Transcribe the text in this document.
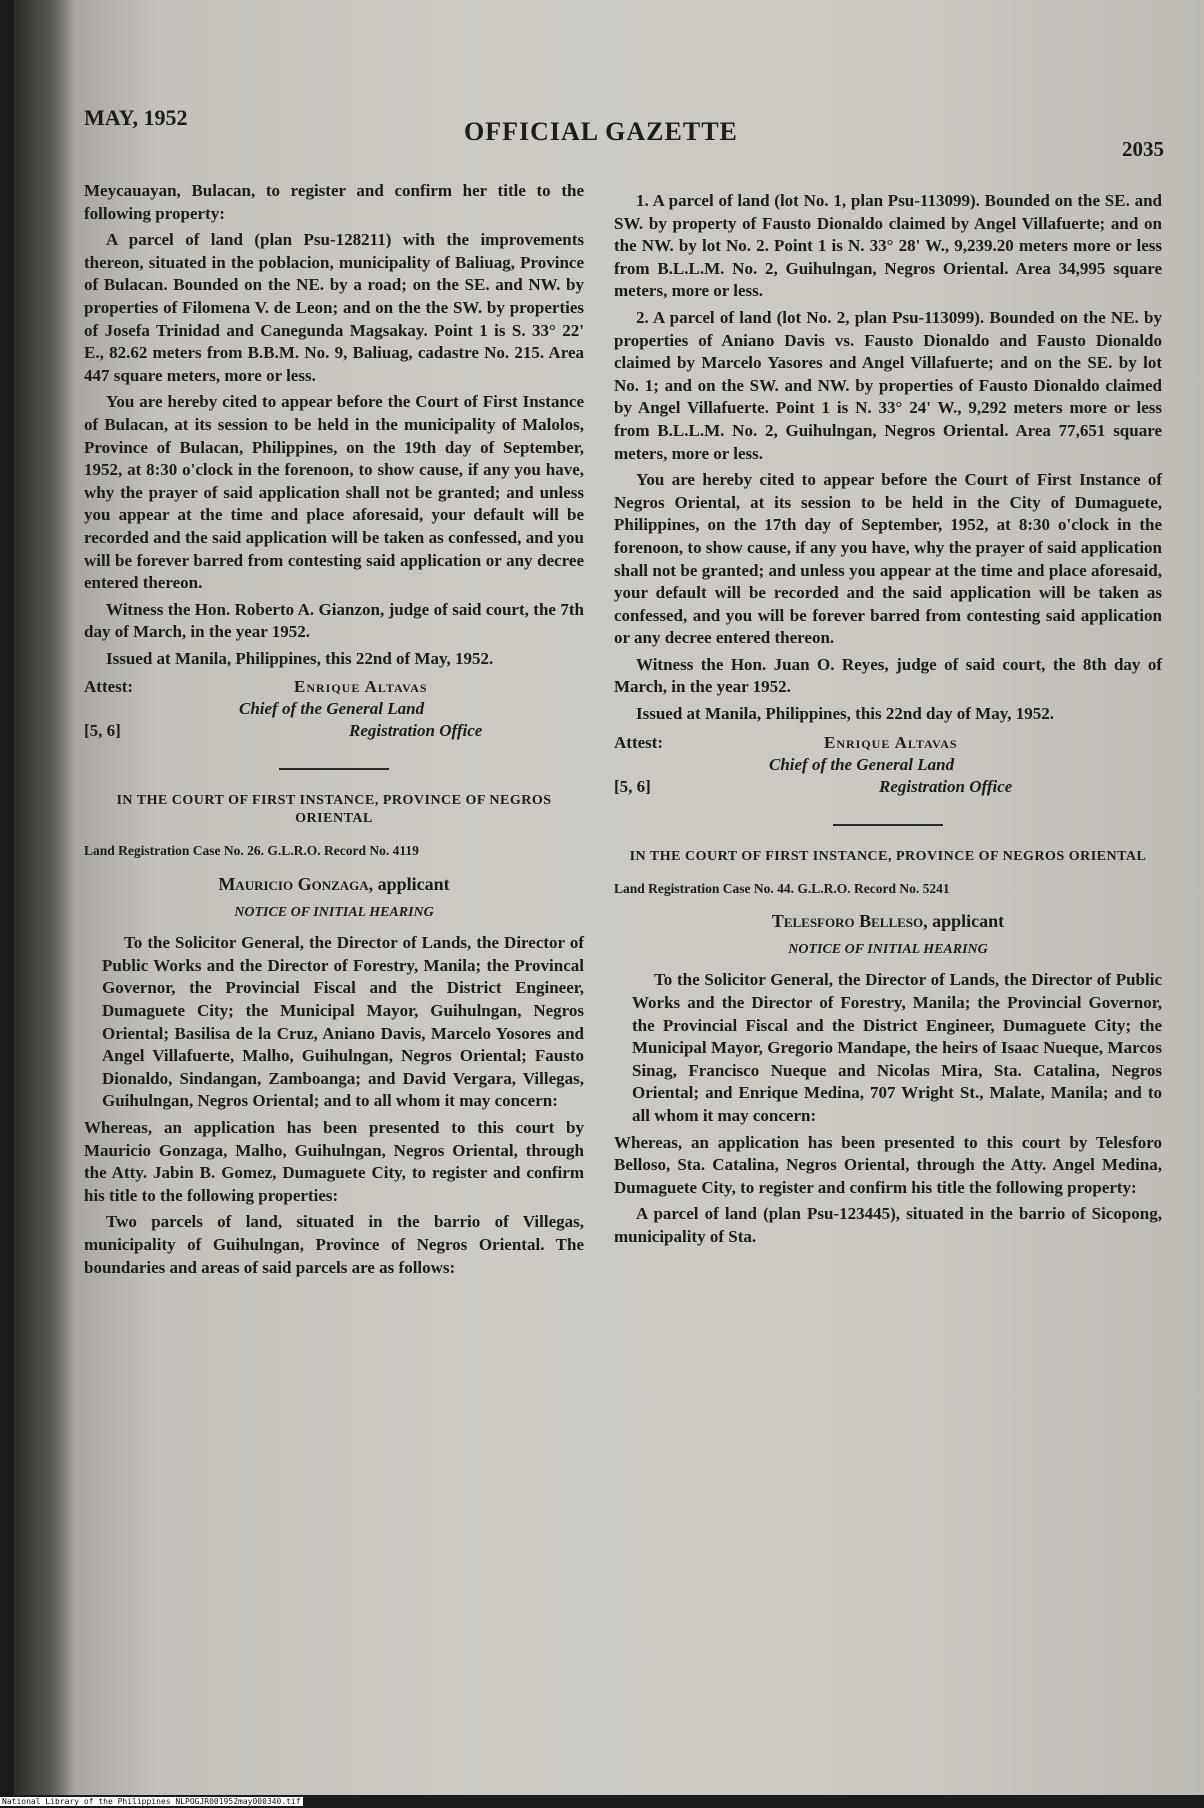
MAY, 1952	OFFICIAL GAZETTE
2035

Meycauayan, Bulacan, to register and confirm her title to the following property:

A parcel of land (plan Psu-128211) with the improvements thereon, situated in the poblacion, municipality of Baliuag, Province of Bulacan. Bounded on the NE. by a road; on the SE. and NW. by properties of Filomena V. de Leon; and on the the SW. by properties of Josefa Trinidad and Canegunda Magsakay. Point 1 is S. 33° 22' E., 82.62 meters from B.B.M. No. 9, Baliuag, cadastre No. 215. Area 447 square meters, more or less.

You are hereby cited to appear before the Court of First Instance of Bulacan, at its session to be held in the municipality of Malolos, Province of Bulacan, Philippines, on the 19th day of September, 1952, at 8:30 o'clock in the forenoon, to show cause, if any you have, why the prayer of said application shall not be granted; and unless you appear at the time and place aforesaid, your default will be recorded and the said application will be taken as confessed, and you will be forever barred from contesting said application or any decree entered thereon.

Witness the Hon. Roberto A. Gianzon, judge of said court, the 7th day of March, in the year 1952.

Issued at Manila, Philippines, this 22nd of May, 1952.

Attest:	Enrique Altavas
Chief of the General Land
[5, 6]	Registration Office
IN THE COURT OF FIRST INSTANCE, PROVINCE OF NEGROS ORIENTAL
Land Registration Case No. 26. G.L.R.O. Record No. 4119
Mauricio Gonzaga, applicant
NOTICE OF INITIAL HEARING

To the Solicitor General, the Director of Lands, the Director of Public Works and the Director of Forestry, Manila; the Provincal Governor, the Provincial Fiscal and the District Engineer, Dumaguete City; the Municipal Mayor, Guihulngan, Negros Oriental; Basilisa de la Cruz, Aniano Davis, Marcelo Yosores and Angel Villafuerte, Malho, Guihulngan, Negros Oriental; Fausto Dionaldo, Sindangan, Zamboanga; and David Vergara, Villegas, Guihulngan, Negros Oriental; and to all whom it may concern:

Whereas, an application has been presented to this court by Mauricio Gonzaga, Malho, Guihulngan, Negros Oriental, through the Atty. Jabin B. Gomez, Dumaguete City, to register and confirm his title to the following properties:

Two parcels of land, situated in the barrio of Villegas, municipality of Guihulngan, Province of Negros Oriental. The boundaries and areas of said parcels are as follows:

1. A parcel of land (lot No. 1, plan Psu-113099). Bounded on the SE. and SW. by property of Fausto Dionaldo claimed by Angel Villafuerte; and on the NW. by lot No. 2. Point 1 is N. 33° 28' W., 9,239.20 meters more or less from B.L.L.M. No. 2, Guihulngan, Negros Oriental. Area 34,995 square meters, more or less.

2. A parcel of land (lot No. 2, plan Psu-113099). Bounded on the NE. by properties of Aniano Davis vs. Fausto Dionaldo and Fausto Dionaldo claimed by Marcelo Yasores and Angel Villafuerte; and on the SE. by lot No. 1; and on the SW. and NW. by properties of Fausto Dionaldo claimed by Angel Villafuerte. Point 1 is N. 33° 24' W., 9,292 meters more or less from B.L.L.M. No. 2, Guihulngan, Negros Oriental. Area 77,651 square meters, more or less.

You are hereby cited to appear before the Court of First Instance of Negros Oriental, at its session to be held in the City of Dumaguete, Philippines, on the 17th day of September, 1952, at 8:30 o'clock in the forenoon, to show cause, if any you have, why the prayer of said application shall not be granted; and unless you appear at the time and place aforesaid, your default will be recorded and the said application will be taken as confessed, and you will be forever barred from contesting said application or any decree entered thereon.

Witness the Hon. Juan O. Reyes, judge of said court, the 8th day of March, in the year 1952.

Issued at Manila, Philippines, this 22nd day of May, 1952.

Attest:	Enrique Altavas
Chief of the General Land
[5, 6]	Registration Office
IN THE COURT OF FIRST INSTANCE, PROVINCE OF NEGROS ORIENTAL
Land Registration Case No. 44. G.L.R.O. Record No. 5241
Telesforo Belleso, applicant
NOTICE OF INITIAL HEARING

To the Solicitor General, the Director of Lands, the Director of Public Works and the Director of Forestry, Manila; the Provincial Governor, the Provincial Fiscal and the District Engineer, Dumaguete City; the Municipal Mayor, Gregorio Mandape, the heirs of Isaac Nueque, Marcos Sinag, Francisco Nueque and Nicolas Mira, Sta. Catalina, Negros Oriental; and Enrique Medina, 707 Wright St., Malate, Manila; and to all whom it may concern:

Whereas, an application has been presented to this court by Telesforo Belloso, Sta. Catalina, Negros Oriental, through the Atty. Angel Medina, Dumaguete City, to register and confirm his title the following property:

A parcel of land (plan Psu-123445), situated in the barrio of Sicopong, municipality of Sta.

National Library of the Philippines NLPOGJR001952may000340.tif
